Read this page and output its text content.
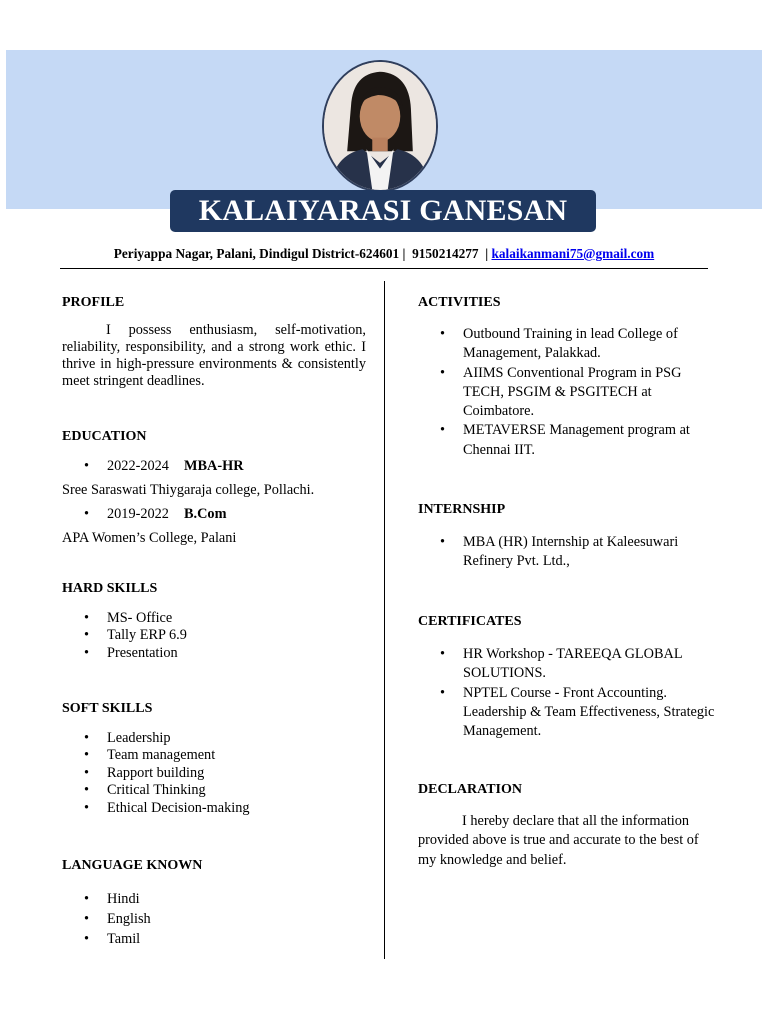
KALAIYARASI GANESAN
Periyappa Nagar, Palani, Dindigul District-624601 | 9150214277 | kalaikanmani75@gmail.com
PROFILE

I possess enthusiasm, self-motivation, reliability, responsibility, and a strong work ethic. I thrive in high-pressure environments & consistently meet stringent deadlines.

EDUCATION
• 2022-2024 MBA-HR
Sree Saraswati Thiygaraja college, Pollachi.
• 2019-2022 B.Com
APA Women’s College, Palani
HARD SKILLS
• MS- Office
• Tally ERP 6.9
• Presentation
SOFT SKILLS
• Leadership
• Team management
• Rapport building
• Critical Thinking
• Ethical Decision-making
LANGUAGE KNOWN
• Hindi
• English
• Tamil
ACTIVITIES
• Outbound Training in lead College of Management, Palakkad.
• AIIMS Conventional Program in PSG TECH, PSGIM & PSGITECH at Coimbatore.
• METAVERSE Management program at Chennai IIT.
INTERNSHIP
• MBA (HR) Internship at Kaleesuwari Refinery Pvt. Ltd.,
CERTIFICATES
• HR Workshop - TAREEQA GLOBAL SOLUTIONS.
• NPTEL Course - Front Accounting. Leadership & Team Effectiveness, Strategic Management.
DECLARATION

I hereby declare that all the information provided above is true and accurate to the best of my knowledge and belief.
